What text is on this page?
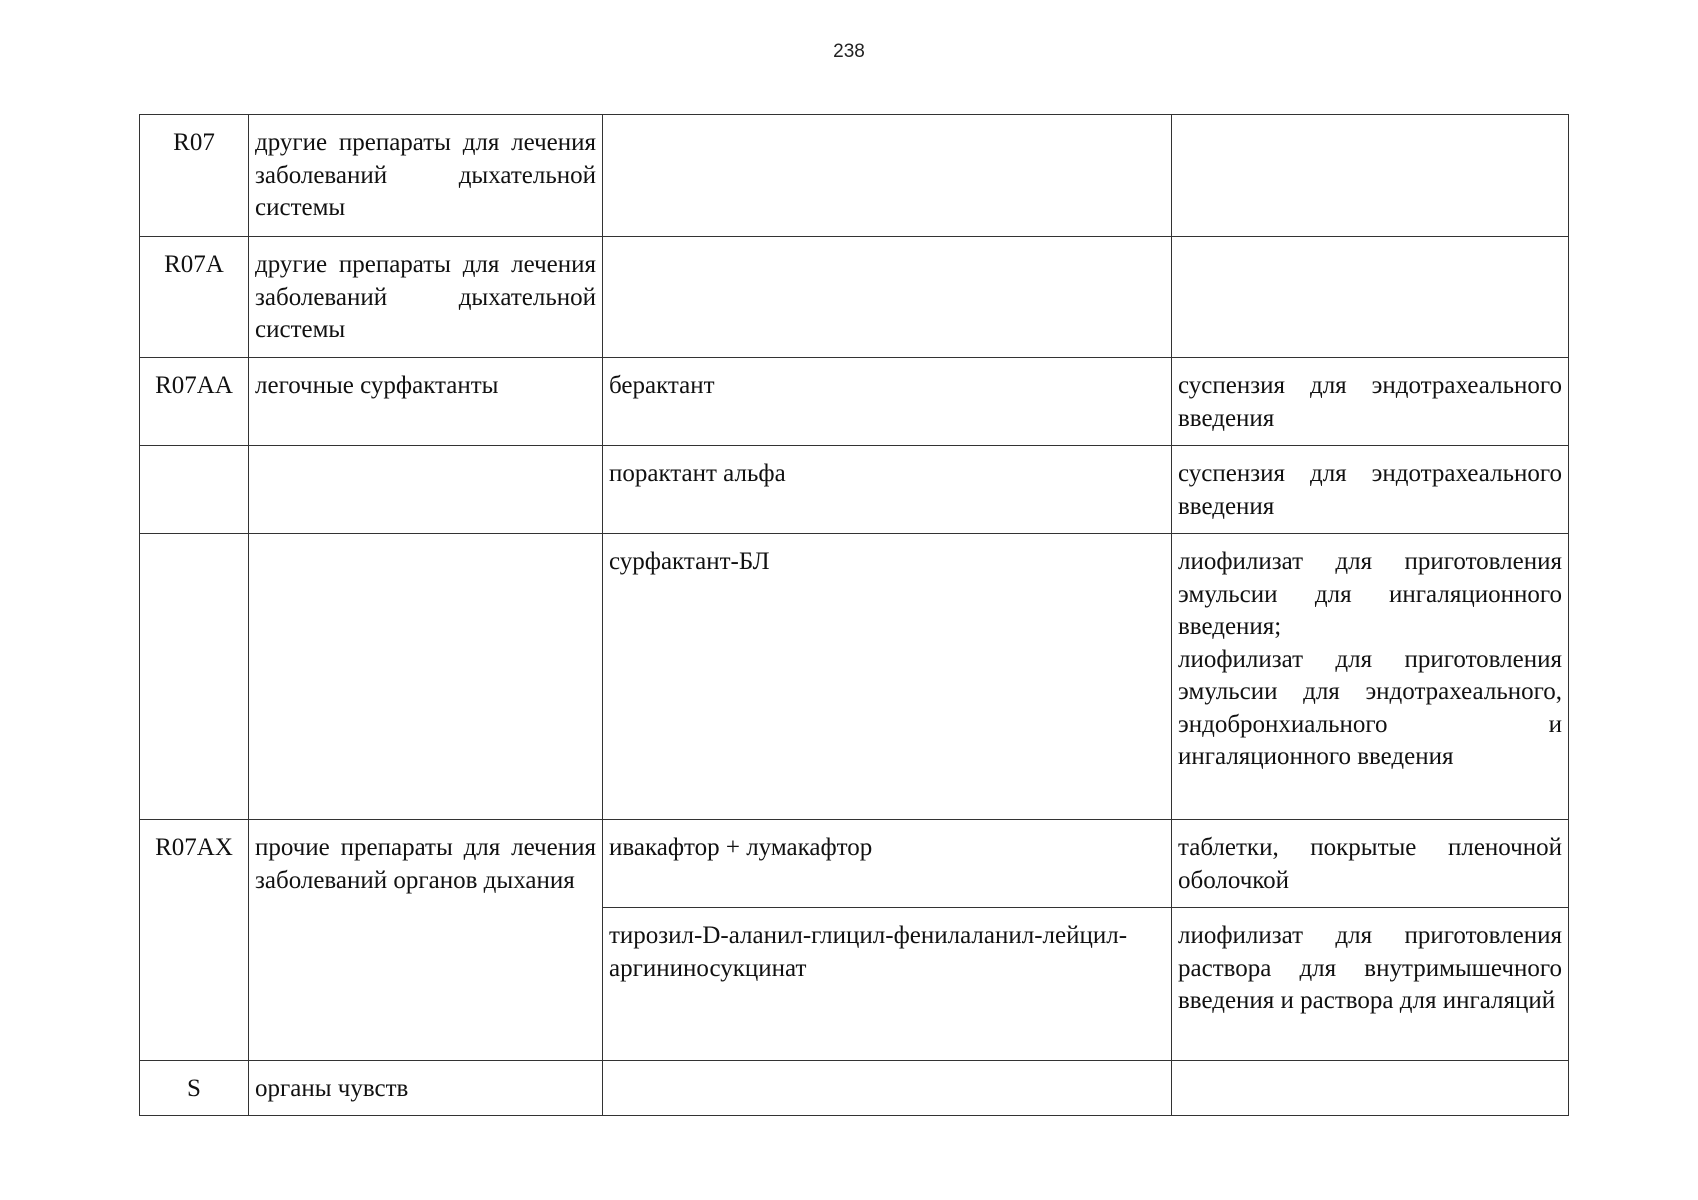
238
R07	другие препараты для лечения заболеваний дыхательной системы		
R07A	другие препараты для лечения заболеваний дыхательной системы		
R07AA	легочные сурфактанты	берактант	суспензия для эндотрахеального введения

		порактант альфа	суспензия для эндотрахеального введения

		сурфактант-БЛ	лиофилизат для приготовления эмульсии для ингаляционного введения;
лиофилизат для приготовления эмульсии для эндотрахеального, эндобронхиального и ингаляционного введения

R07AX	прочие препараты для лечения заболеваний органов дыхания	ивакафтор + лумакафтор	таблетки, покрытые пленочной оболочкой

		тирозил-D-аланил-глицил-фенилаланил-лейцил-аргининосукцинат	лиофилизат для приготовления раствора для внутримышечного введения и раствора для ингаляций

S	органы чувств		
